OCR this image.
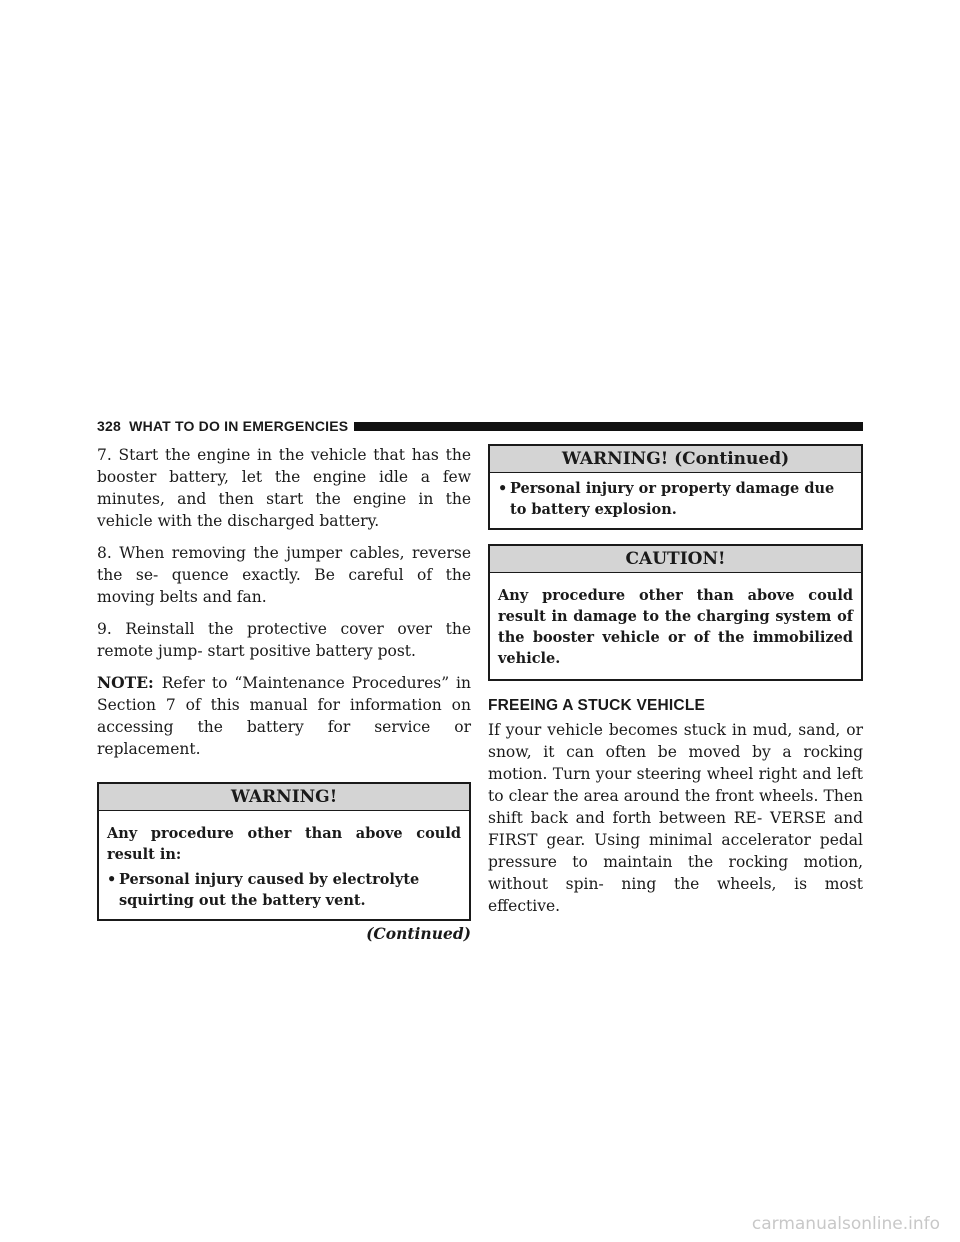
328 WHAT TO DO IN EMERGENCIES

7. Start the engine in the vehicle that has the booster battery, let the engine idle a few minutes, and then start the engine in the vehicle with the discharged battery.

8. When removing the jumper cables, reverse the se- quence exactly. Be careful of the moving belts and fan.

9. Reinstall the protective cover over the remote jump- start positive battery post.

NOTE: Refer to “Maintenance Procedures” in Section 7 of this manual for information on accessing the battery for service or replacement.

WARNING!

Any procedure other than above could result in:

• Personal injury caused by electrolyte squirting out the battery vent.
(Continued)
WARNING! (Continued)
• Personal injury or property damage due to battery explosion.
CAUTION!

Any procedure other than above could result in damage to the charging system of the booster vehicle or of the immobilized vehicle.

FREEING A STUCK VEHICLE

If your vehicle becomes stuck in mud, sand, or snow, it can often be moved by a rocking motion. Turn your steering wheel right and left to clear the area around the front wheels. Then shift back and forth between RE- VERSE and FIRST gear. Using minimal accelerator pedal pressure to maintain the rocking motion, without spin- ning the wheels, is most effective.

carmanualsonline.info
